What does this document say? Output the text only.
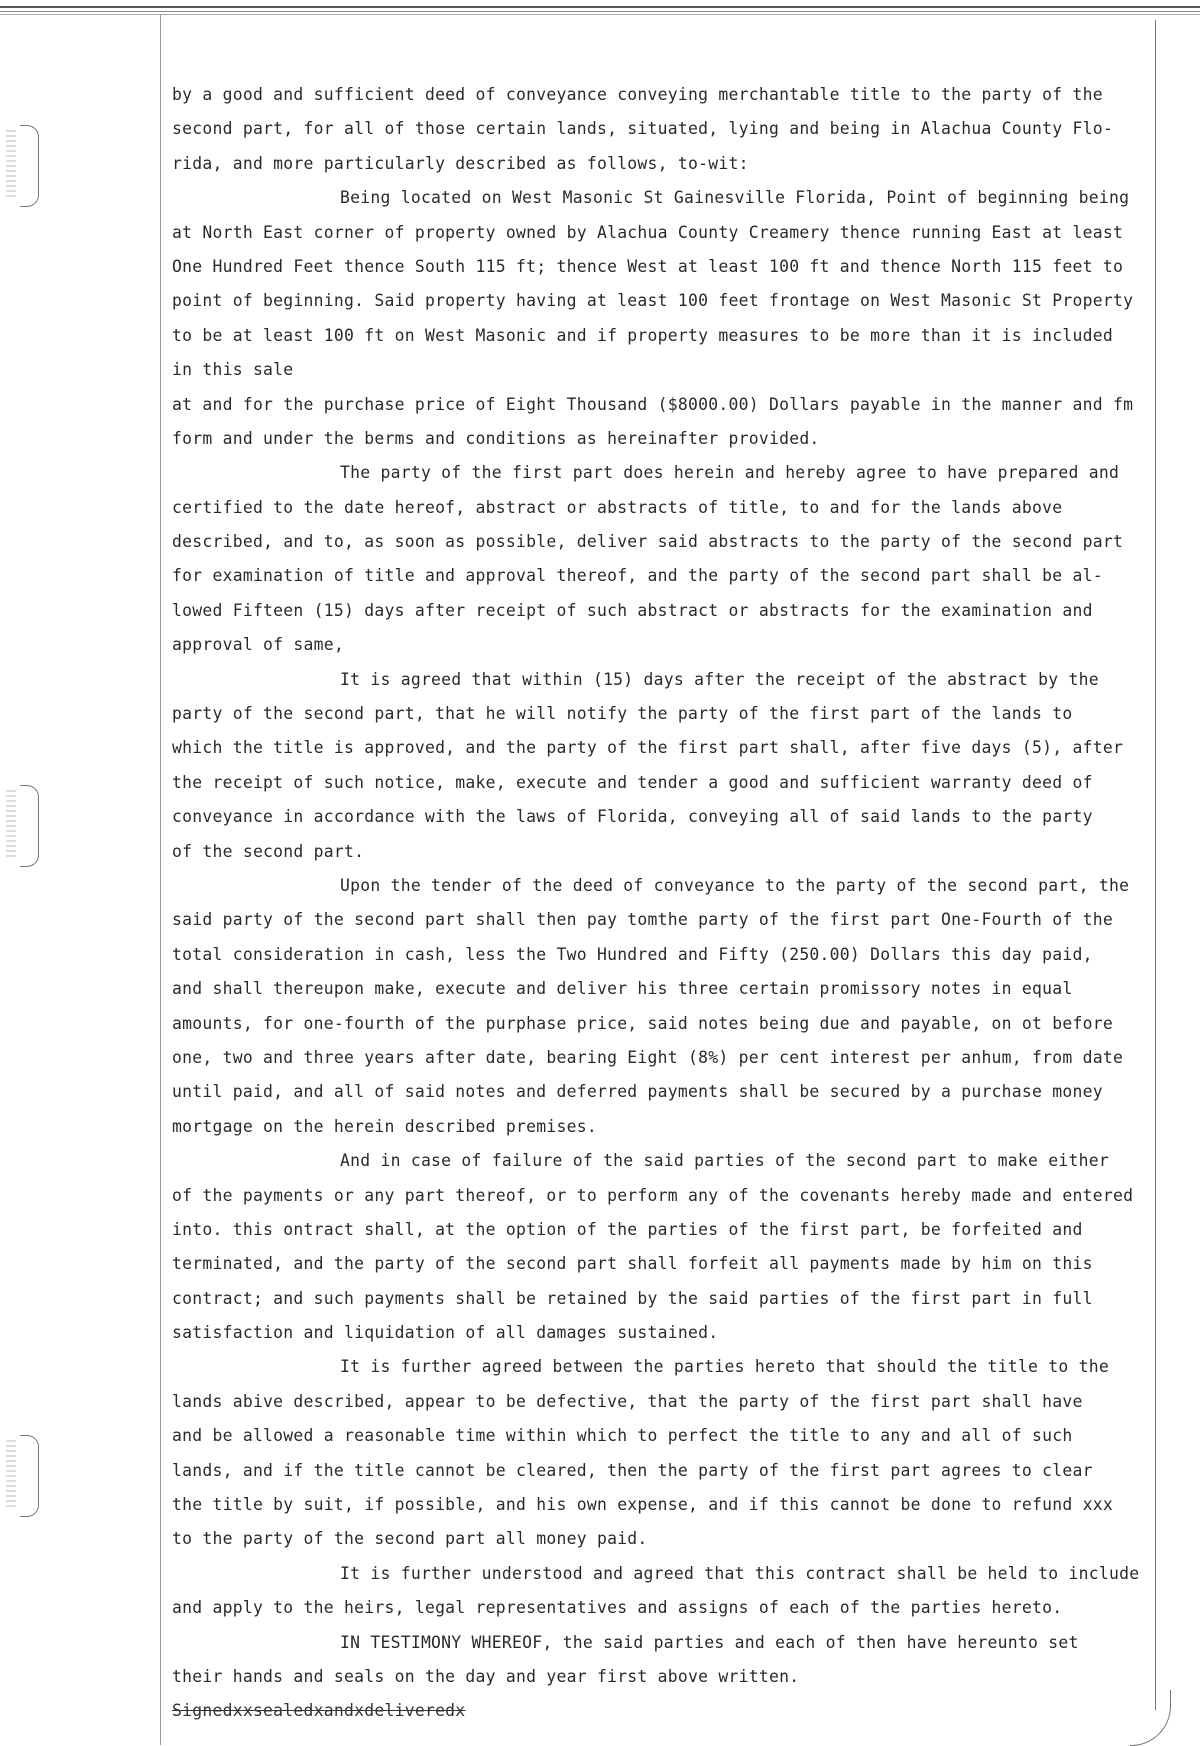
by a good and sufficient deed of conveyance conveying merchantable title to the party of the
second part, for all of those certain lands, situated, lying and being in Alachua County Flo-
rida, and more particularly described as follows, to-wit:
Being located on West Masonic St Gainesville Florida, Point of beginning being
at North East corner of property owned by Alachua County Creamery thence running East at least
One Hundred Feet thence South 115 ft; thence West at least 100 ft and thence North 115 feet to
point of beginning. Said property having at least 100 feet frontage on West Masonic St Property
to be at least 100 ft on West Masonic and if property measures to be more than it is included
in this sale
at and for the purchase price of Eight Thousand ($8000.00) Dollars payable in the manner and fm
form and under the berms and conditions as hereinafter provided.
The party of the first part does herein and hereby agree to have prepared and
certified to the date hereof, abstract or abstracts of title, to and for the lands above
described, and to, as soon as possible, deliver said abstracts to the party of the second part
for examination of title and approval thereof, and the party of the second part shall be al-
lowed Fifteen (15) days after receipt of such abstract or abstracts for the examination and
approval of same,
It is agreed that within (15) days after the receipt of the abstract by the
party of the second part, that he will notify the party of the first part of the lands to
which the title is approved, and the party of the first part shall, after five days (5), after
the receipt of such notice, make, execute and tender a good and sufficient warranty deed of
conveyance in accordance with the laws of Florida, conveying all of said lands to the party
of the second part.
Upon the tender of the deed of conveyance to the party of the second part, the
said party of the second part shall then pay tomthe party of the first part One-Fourth of the
total consideration in cash, less the Two Hundred and Fifty (250.00) Dollars this day paid,
and shall thereupon make, execute and deliver his three certain promissory notes in equal
amounts, for one-fourth of the purphase price, said notes being due and payable, on ot before
one, two and three years after date, bearing Eight (8%) per cent interest per anhum, from date
until paid, and all of said notes and deferred payments shall be secured by a purchase money
mortgage on the herein described premises.
And in case of failure of the said parties of the second part to make either
of the payments or any part thereof, or to perform any of the covenants hereby made and entered
into. this ontract shall, at the option of the parties of the first part, be forfeited and
terminated, and the party of the second part shall forfeit all payments made by him on this
contract; and such payments shall be retained by the said parties of the first part in full
satisfaction and liquidation of all damages sustained.
It is further agreed between the parties hereto that should the title to the
lands abive described, appear to be defective, that the party of the first part shall have
and be allowed a reasonable time within which to perfect the title to any and all of such
lands, and if the title cannot be cleared, then the party of the first part agrees to clear
the title by suit, if possible, and his own expense, and if this cannot be done to refund xxx
to the party of the second part all money paid.
It is further understood and agreed that this contract shall be held to include
and apply to the heirs, legal representatives and assigns of each of the parties hereto.
IN TESTIMONY WHEREOF, the said parties and each of then have hereunto set
their hands and seals on the day and year first above written.
Signedxxsealedxandxdeliveredx
